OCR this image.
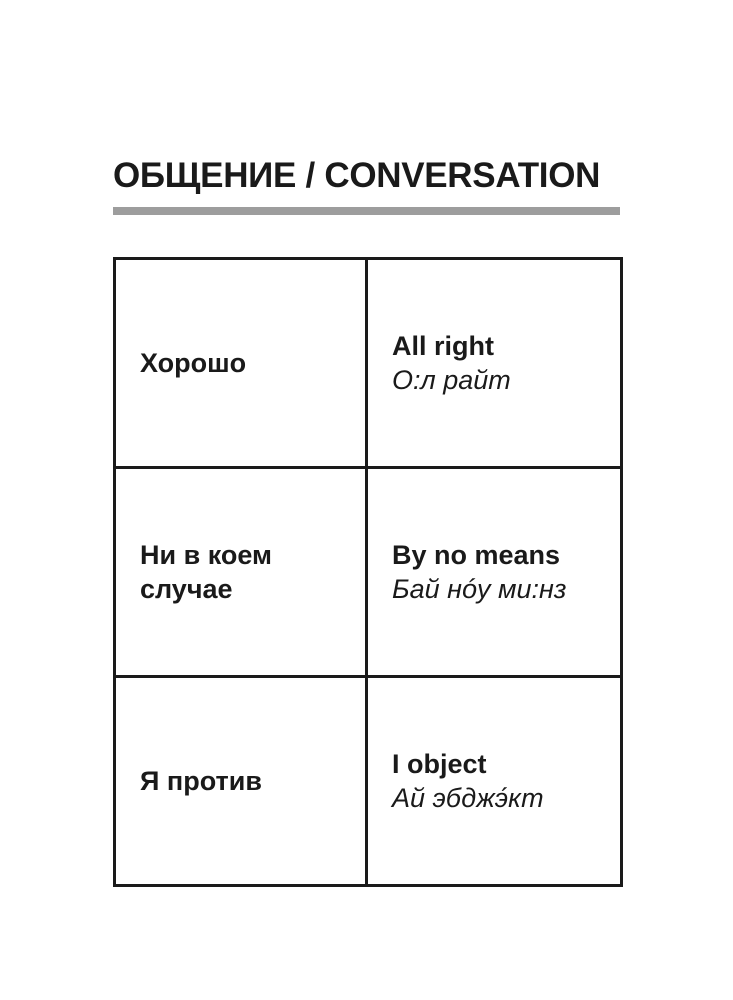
ОБЩЕНИЕ / CONVERSATION
Хорошо	All right
О:л райт

Ни в коем случае	By no means
Бай нóу ми:нз

Я против	I object
Ай эбджэ́кт
